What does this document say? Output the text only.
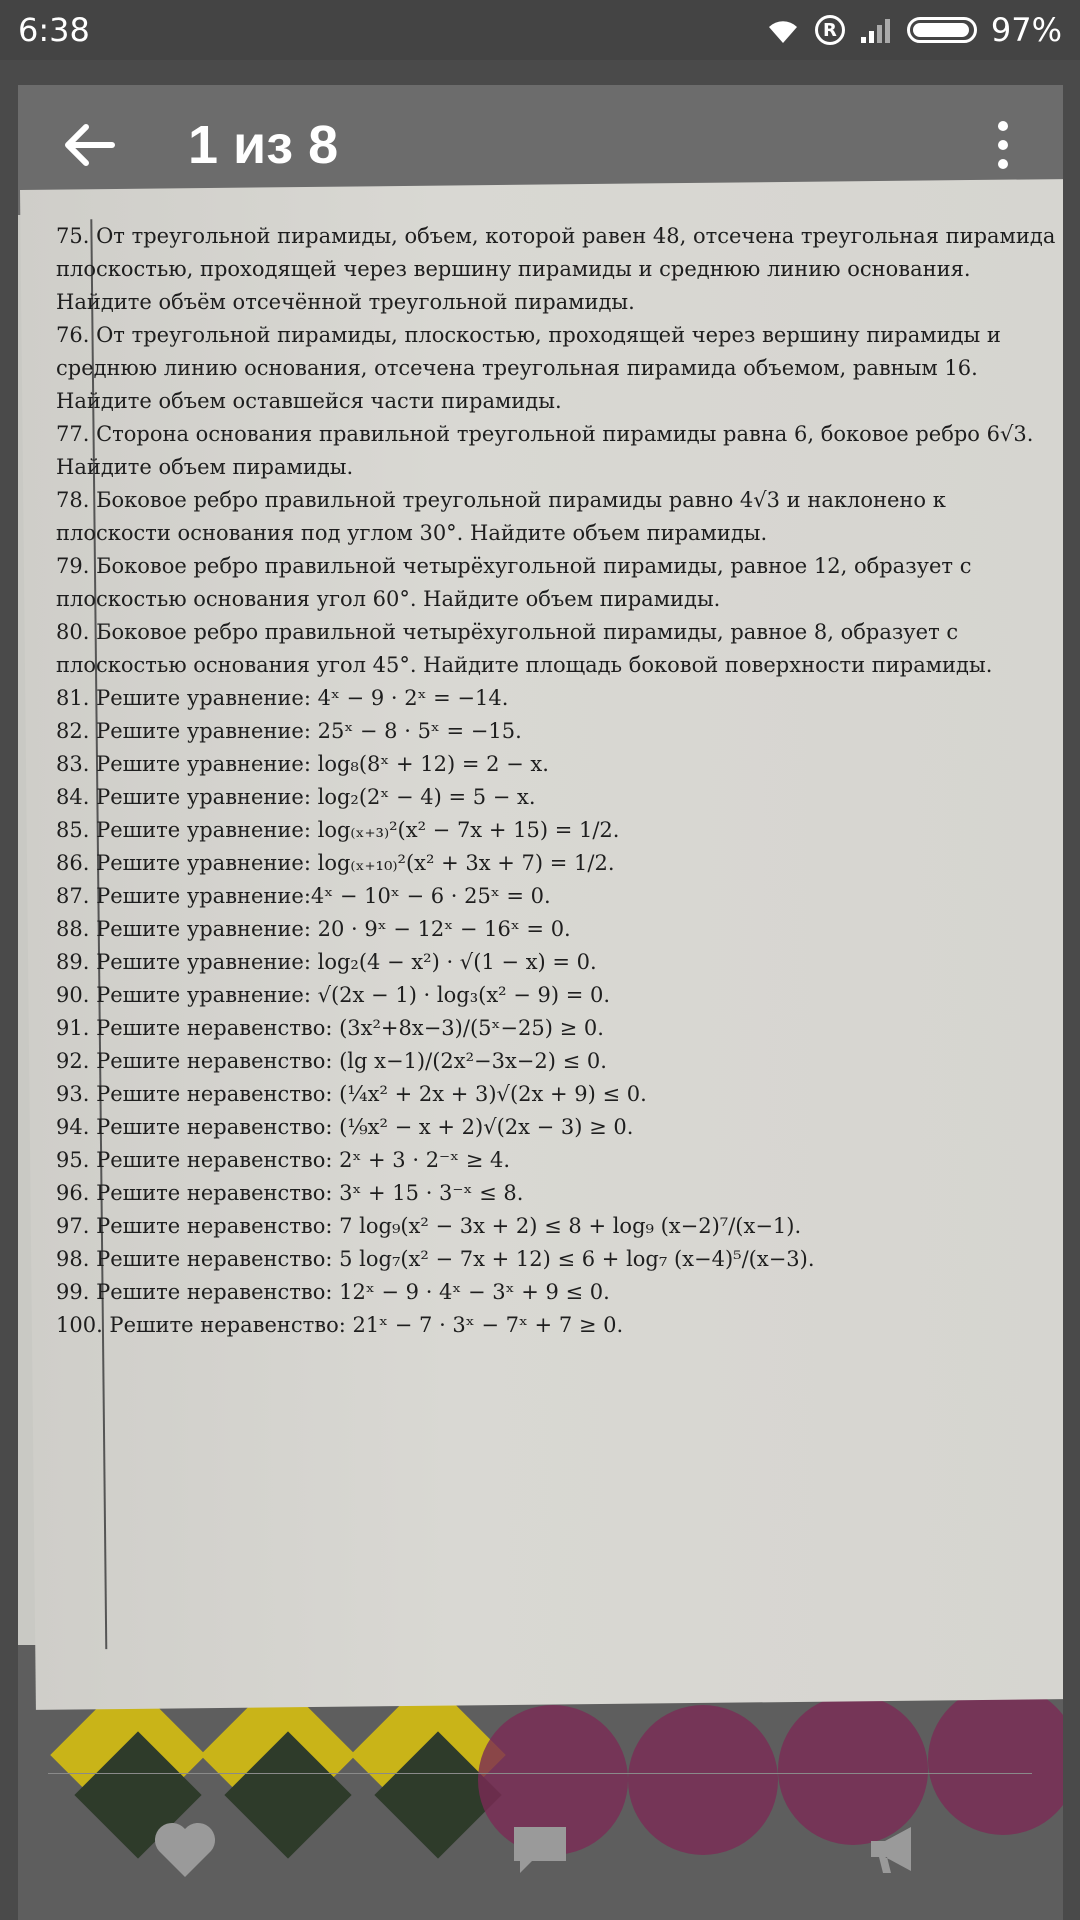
6:38	R	97%
75. От треугольной пирамиды, объем, которой равен 48, отсечена треугольная пирамида плоскостью, проходящей через вершину пирамиды и среднюю линию основания. Найдите объём отсечённой треугольной пирамиды.
76. От треугольной пирамиды, плоскостью, проходящей через вершину пирамиды и среднюю линию основания, отсечена треугольная пирамида объемом, равным 16. Найдите объем оставшейся части пирамиды.
77. Сторона основания правильной треугольной пирамиды равна 6, боковое ребро 6√3. Найдите объем пирамиды.
78. Боковое ребро правильной треугольной пирамиды равно 4√3 и наклонено к плоскости основания под углом 30°. Найдите объем пирамиды.
79. Боковое ребро правильной четырёхугольной пирамиды, равное 12, образует с плоскостью основания угол 60°. Найдите объем пирамиды.
80. Боковое ребро правильной четырёхугольной пирамиды, равное 8, образует с плоскостью основания угол 45°. Найдите площадь боковой поверхности пирамиды.
81. Решите уравнение: 4ˣ − 9 · 2ˣ = −14.
82. Решите уравнение: 25ˣ − 8 · 5ˣ = −15.
83. Решите уравнение: log₈(8ˣ + 12) = 2 − x.
84. Решите уравнение: log₂(2ˣ − 4) = 5 − x.
85. Решите уравнение: log₍ₓ₊₃₎²(x² − 7x + 15) = 1/2.
86. Решите уравнение: log₍ₓ₊₁₀₎²(x² + 3x + 7) = 1/2.
87. Решите уравнение:4ˣ − 10ˣ − 6 · 25ˣ = 0.
88. Решите уравнение: 20 · 9ˣ − 12ˣ − 16ˣ = 0.
89. Решите уравнение: log₂(4 − x²) · √(1 − x) = 0.
90. Решите уравнение: √(2x − 1) · log₃(x² − 9) = 0.
91. Решите неравенство: (3x²+8x−3)/(5ˣ−25) ≥ 0.
92. Решите неравенство: (lg x−1)/(2x²−3x−2) ≤ 0.
93. Решите неравенство: (¼x² + 2x + 3)√(2x + 9) ≤ 0.
94. Решите неравенство: (⅑x² − x + 2)√(2x − 3) ≥ 0.
95. Решите неравенство: 2ˣ + 3 · 2⁻ˣ ≥ 4.
96. Решите неравенство: 3ˣ + 15 · 3⁻ˣ ≤ 8.
97. Решите неравенство: 7 log₉(x² − 3x + 2) ≤ 8 + log₉ (x−2)⁷/(x−1).
98. Решите неравенство: 5 log₇(x² − 7x + 12) ≤ 6 + log₇ (x−4)⁵/(x−3).
99. Решите неравенство: 12ˣ − 9 · 4ˣ − 3ˣ + 9 ≤ 0.
100. Решите неравенство: 21ˣ − 7 · 3ˣ − 7ˣ + 7 ≥ 0.
1 из 8
